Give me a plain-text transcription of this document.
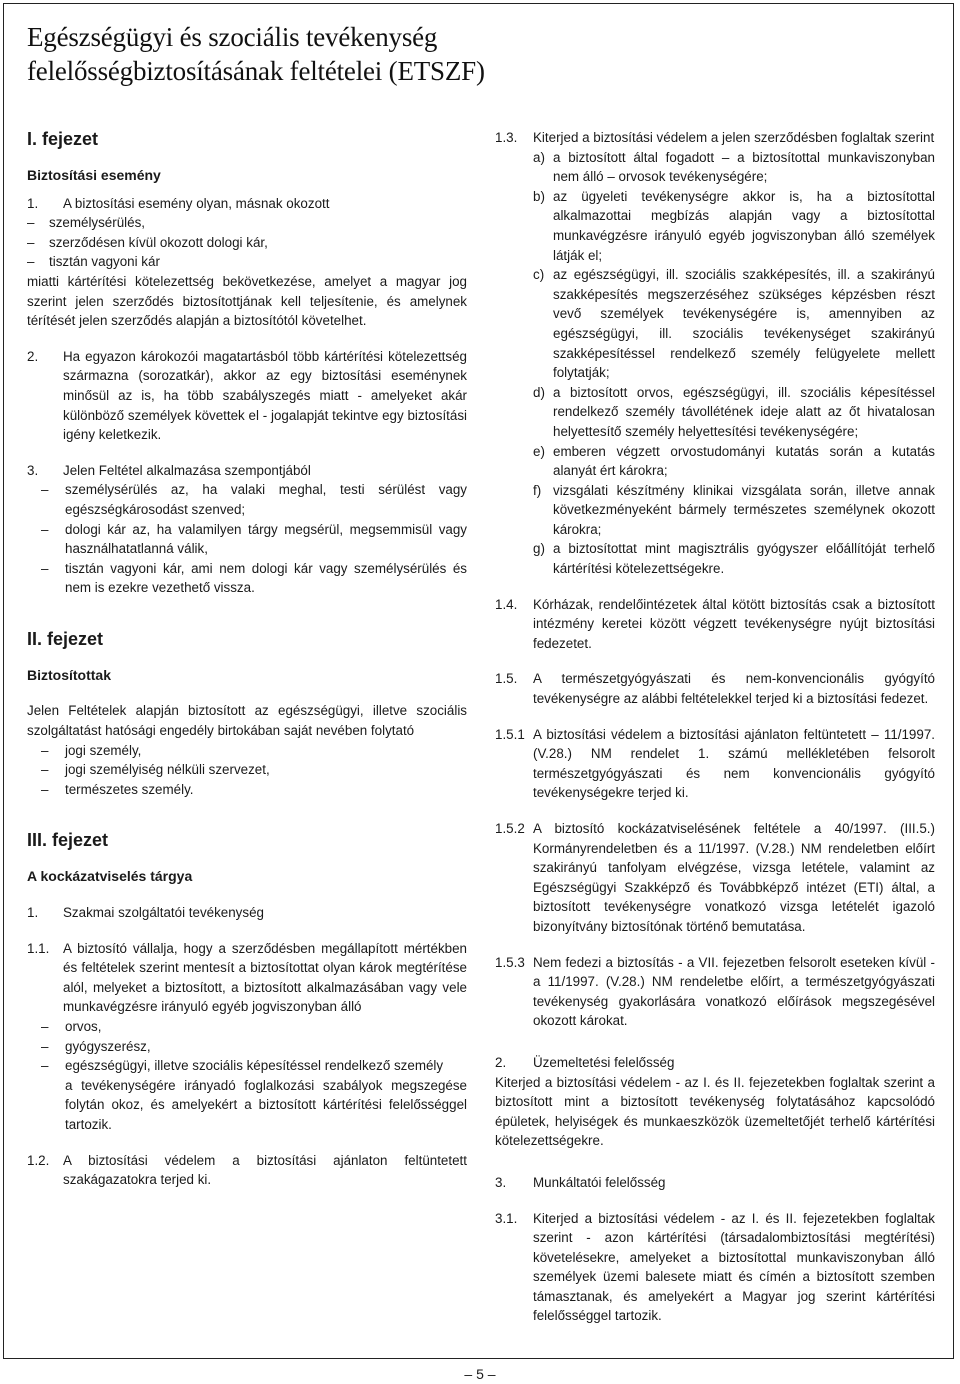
Egészségügyi és szociális tevékenység felelősségbiztosításának feltételei (ETSZF)

I. fejezet

Biztosítási esemény

1.	A biztosítási esemény olyan, másnak okozott
–	személysérülés,
–	szerződésen kívül okozott dologi kár,
–	tisztán vagyoni kár

miatti kártérítési kötelezettség bekövetkezése, amelyet a magyar jog szerint jelen szerződés biztosítottjának kell teljesítenie, és amelynek térítését jelen szerződés alapján a biztosítótól követelhet.

2.	Ha egyazon károkozói magatartásból több kártérítési kötelezettség származna (sorozatkár), akkor az egy biztosítási eseménynek minősül az is, ha több szabályszegés miatt - amelyeket akár különböző személyek követtek el - jogalapját tekintve egy biztosítási igény keletkezik.
3.	Jelen Feltétel alkalmazása szempontjából
–	személysérülés az, ha valaki meghal, testi sérülést vagy egészségkárosodást szenved;
–	dologi kár az, ha valamilyen tárgy megsérül, megsemmisül vagy használhatatlanná válik,
–	tisztán vagyoni kár, ami nem dologi kár vagy személysérülés és nem is ezekre vezethető vissza.

II. fejezet

Biztosítottak

Jelen Feltételek alapján biztosított az egészségügyi, illetve szociális szolgáltatást hatósági engedély birtokában saját nevében folytató

–	jogi személy,
–	jogi személyiség nélküli szervezet,
–	természetes személy.

III. fejezet

A kockázatviselés tárgya

1.	Szakmai szolgáltatói tevékenység
1.1.	A biztosító vállalja, hogy a szerződésben megállapított mértékben és feltételek szerint mentesít a biztosítottat olyan károk megtérítése alól, melyeket a biztosított, a biztosított alkalmazásában vagy vele munkavégzésre irányuló egyéb jogviszonyban álló
–	orvos,
–	gyógyszerész,
–	egészségügyi, illetve szociális képesítéssel rendelkező személy

a tevékenységére irányadó foglalkozási szabályok megszegése folytán okoz, és amelyekért a biztosított kártérítési felelősséggel tartozik.

1.2.	A biztosítási védelem a biztosítási ajánlaton feltüntetett szakágazatokra terjed ki.
1.3.	Kiterjed a biztosítási védelem a jelen szerződésben foglaltak szerint
a) a biztosított által fogadott – a biztosítottal munkaviszonyban nem álló – orvosok tevékenységére;
b) az ügyeleti tevékenységre akkor is, ha a biztosítottal alkalmazottai megbízás alapján vagy a biztosítottal munkavégzésre irányuló egyéb jogviszonyban álló személyek látják el;
c) az egészségügyi, ill. szociális szakképesítés, ill. a szakirányú szakképesítés megszerzéséhez szükséges képzésben részt vevő személyek tevékenységére is, amennyiben az egészségügyi, ill. szociális tevékenységet szakirányú szakképesítéssel rendelkező személy felügyelete mellett folytatják;
d) a biztosított orvos, egészségügyi, ill. szociális képesítéssel rendelkező személy távollétének ideje alatt az őt hivatalosan helyettesítő személy helyettesítési tevékenységére;
e) emberen végzett orvostudományi kutatás során a kutatás alanyát ért károkra;
f) vizsgálati készítmény klinikai vizsgálata során, illetve annak következményeként bármely természetes személynek okozott károkra;
g) a biztosítottat mint magisztrális gyógyszer előállítóját terhelő kártérítési kötelezettségekre.
1.4.	Kórházak, rendelőintézetek által kötött biztosítás csak a biztosított intézmény keretei között végzett tevékenységre nyújt biztosítási fedezetet.
1.5.	A természetgyógyászati és nem-konvencionális gyógyító tevékenységre az alábbi feltételekkel terjed ki a biztosítási fedezet.
1.5.1 A biztosítási védelem a biztosítási ajánlaton feltüntetett – 11/1997. (V.28.) NM rendelet 1. számú mellékletében felsorolt természetgyógyászati és nem konvencionális gyógyító tevékenységekre terjed ki.
1.5.2 A biztosító kockázatviselésének feltétele a 40/1997. (III.5.) Kormányrendeletben és a 11/1997. (V.28.) NM rendeletben előírt szakirányú tanfolyam elvégzése, vizsga letétele, valamint az Egészségügyi Szakképző és Továbbképző intézet (ETI) által, a biztosított tevékenységre vonatkozó vizsga letételét igazoló bizonyítvány biztosítónak történő bemutatása.
1.5.3 Nem fedezi a biztosítás - a VII. fejezetben felsorolt eseteken kívül - a 11/1997. (V.28.) NM rendeletbe előírt, a természetgyógyászati tevékenység gyakorlására vonatkozó előírások megszegésével okozott károkat.
2.	Üzemeltetési felelősség

Kiterjed a biztosítási védelem - az I. és II. fejezetekben foglaltak szerint a biztosított mint a biztosított tevékenység folytatásához kapcsolódó épületek, helyiségek és munkaeszközök üzemeltetőjét terhelő kártérítési kötelezettségekre.

3.	Munkáltatói felelősség
3.1.	Kiterjed a biztosítási védelem - az I. és II. fejezetekben foglaltak szerint - azon kártérítési (társadalombiztosítási megtérítési) követelésekre, amelyeket a biztosítottal munkaviszonyban álló személyek üzemi balesete miatt és címén a biztosított szemben támasztanak, és amelyekért a Magyar jog szerint kártérítési felelősséggel tartozik.
– 5 –
